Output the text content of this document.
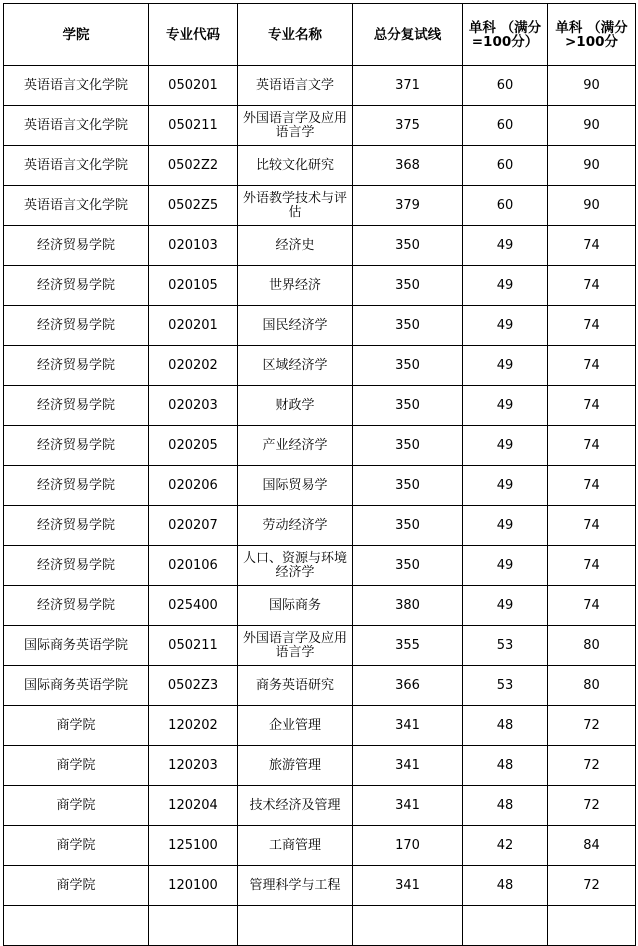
学院	专业代码	专业名称	总分复试线	单科 （满分=100分）	单科 （满分>100分
英语语言文化学院	050201	英语语言文学	371	60	90
英语语言文化学院	050211	外国语言学及应用语言学	375	60	90
英语语言文化学院	0502Z2	比较文化研究	368	60	90
英语语言文化学院	0502Z5	外语教学技术与评估	379	60	90
经济贸易学院	020103	经济史	350	49	74
经济贸易学院	020105	世界经济	350	49	74
经济贸易学院	020201	国民经济学	350	49	74
经济贸易学院	020202	区域经济学	350	49	74
经济贸易学院	020203	财政学	350	49	74
经济贸易学院	020205	产业经济学	350	49	74
经济贸易学院	020206	国际贸易学	350	49	74
经济贸易学院	020207	劳动经济学	350	49	74
经济贸易学院	020106	人口、资源与环境经济学	350	49	74
经济贸易学院	025400	国际商务	380	49	74
国际商务英语学院	050211	外国语言学及应用语言学	355	53	80
国际商务英语学院	0502Z3	商务英语研究	366	53	80
商学院	120202	企业管理	341	48	72
商学院	120203	旅游管理	341	48	72
商学院	120204	技术经济及管理	341	48	72
商学院	125100	工商管理	170	42	84
商学院	120100	管理科学与工程	341	48	72
